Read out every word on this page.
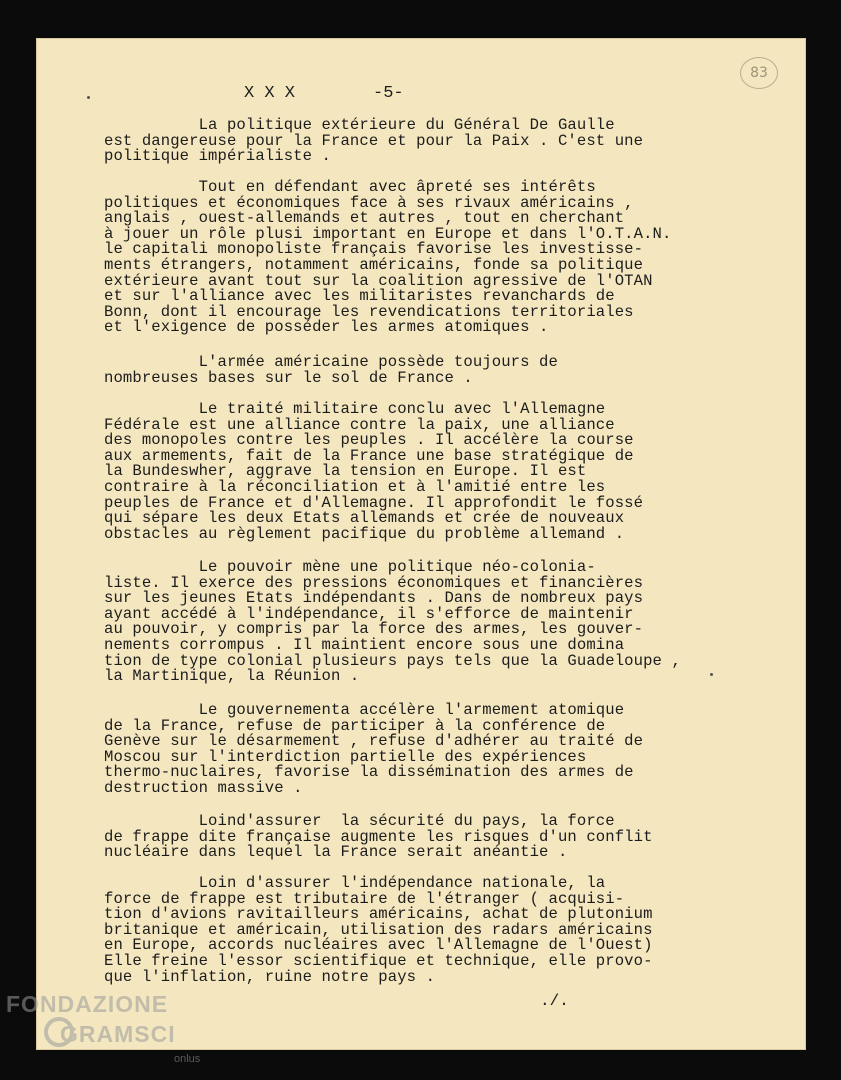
83
X X X	-5-
La politique extérieure du Général De Gaulle
est dangereuse pour la France et pour la Paix . C'est une
politique impérialiste .
Tout en défendant avec âpreté ses intérêts
politiques et économiques face à ses rivaux américains ,
anglais , ouest-allemands et autres , tout en cherchant
à jouer un rôle plusi important en Europe et dans l'O.T.A.N.
le capitali monopoliste français favorise les investisse-
ments étrangers, notamment américains, fonde sa politique
extérieure avant tout sur la coalition agressive de l'OTAN
et sur l'alliance avec les militaristes revanchards de
Bonn, dont il encourage les revendications territoriales
et l'exigence de posséder les armes atomiques .
L'armée américaine possède toujours de
nombreuses bases sur le sol de France .
Le traité militaire conclu avec l'Allemagne
Fédérale est une alliance contre la paix, une alliance
des monopoles contre les peuples . Il accélère la course
aux armements, fait de la France une base stratégique de
la Bundeswher, aggrave la tension en Europe. Il est
contraire à la réconciliation et à l'amitié entre les
peuples de France et d'Allemagne. Il approfondit le fossé
qui sépare les deux Etats allemands et crée de nouveaux
obstacles au règlement pacifique du problème allemand .
Le pouvoir mène une politique néo-colonia-
liste. Il exerce des pressions économiques et financières
sur les jeunes Etats indépendants . Dans de nombreux pays
ayant accédé à l'indépendance, il s'efforce de maintenir
au pouvoir, y compris par la force des armes, les gouver-
nements corrompus . Il maintient encore sous une domina
tion de type colonial plusieurs pays tels que la Guadeloupe ,
la Martinique, la Réunion .
Le gouvernementa accélère l'armement atomique
de la France, refuse de participer à la conférence de
Genève sur le désarmement , refuse d'adhérer au traité de
Moscou sur l'interdiction partielle des expériences
thermo-nuclaires, favorise la dissémination des armes de
destruction massive .
Loind'assurer  la sécurité du pays, la force
de frappe dite française augmente les risques d'un conflit
nucléaire dans lequel la France serait anéantie .
Loin d'assurer l'indépendance nationale, la
force de frappe est tributaire de l'étranger ( acquisi-
tion d'avions ravitailleurs américains, achat de plutonium
britanique et américain, utilisation des radars américains
en Europe, accords nucléaires avec l'Allemagne de l'Ouest)
Elle freine l'essor scientifique et technique, elle provo-
que l'inflation, ruine notre pays .
./.
FONDAZIONE
GRAMSCI
onlus
